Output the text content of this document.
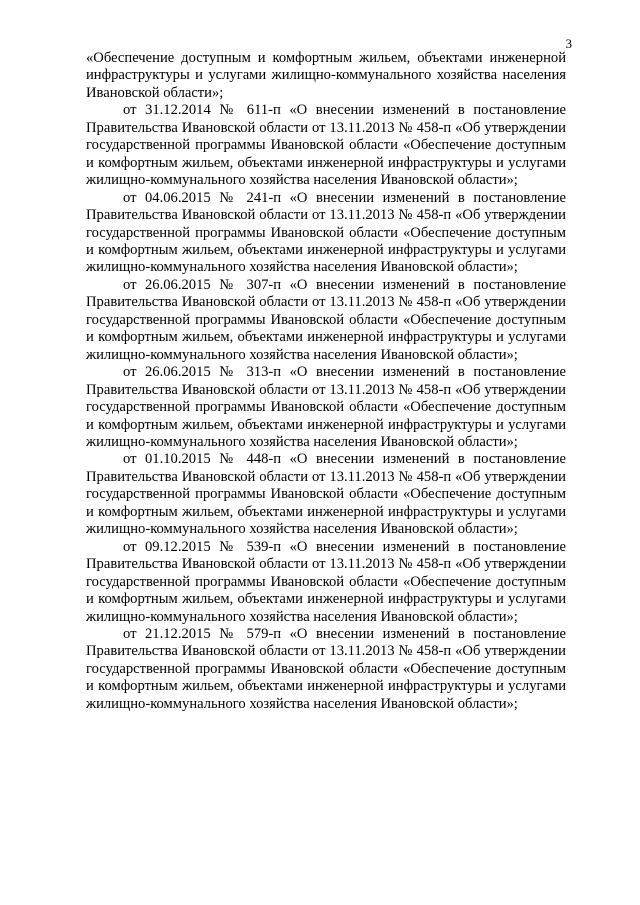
3

«Обеспечение доступным и комфортным жильем, объектами инженерной инфраструктуры и услугами жилищно-коммунального хозяйства населения Ивановской области»;

от 31.12.2014 № 611-п «О внесении изменений в постановление Правительства Ивановской области от 13.11.2013 № 458-п «Об утверждении государственной программы Ивановской области «Обеспечение доступным и комфортным жильем, объектами инженерной инфраструктуры и услугами жилищно-коммунального хозяйства населения Ивановской области»;

от 04.06.2015 № 241-п «О внесении изменений в постановление Правительства Ивановской области от 13.11.2013 № 458-п «Об утверждении государственной программы Ивановской области «Обеспечение доступным и комфортным жильем, объектами инженерной инфраструктуры и услугами жилищно-коммунального хозяйства населения Ивановской области»;

от 26.06.2015 № 307-п «О внесении изменений в постановление Правительства Ивановской области от 13.11.2013 № 458-п «Об утверждении государственной программы Ивановской области «Обеспечение доступным и комфортным жильем, объектами инженерной инфраструктуры и услугами жилищно-коммунального хозяйства населения Ивановской области»;

от 26.06.2015 № 313-п «О внесении изменений в постановление Правительства Ивановской области от 13.11.2013 № 458-п «Об утверждении государственной программы Ивановской области «Обеспечение доступным и комфортным жильем, объектами инженерной инфраструктуры и услугами жилищно-коммунального хозяйства населения Ивановской области»;

от 01.10.2015 № 448-п «О внесении изменений в постановление Правительства Ивановской области от 13.11.2013 № 458-п «Об утверждении государственной программы Ивановской области «Обеспечение доступным и комфортным жильем, объектами инженерной инфраструктуры и услугами жилищно-коммунального хозяйства населения Ивановской области»;

от 09.12.2015 № 539-п «О внесении изменений в постановление Правительства Ивановской области от 13.11.2013 № 458-п «Об утверждении государственной программы Ивановской области «Обеспечение доступным и комфортным жильем, объектами инженерной инфраструктуры и услугами жилищно-коммунального хозяйства населения Ивановской области»;

от 21.12.2015 № 579-п «О внесении изменений в постановление Правительства Ивановской области от 13.11.2013 № 458-п «Об утверждении государственной программы Ивановской области «Обеспечение доступным и комфортным жильем, объектами инженерной инфраструктуры и услугами жилищно-коммунального хозяйства населения Ивановской области»;
